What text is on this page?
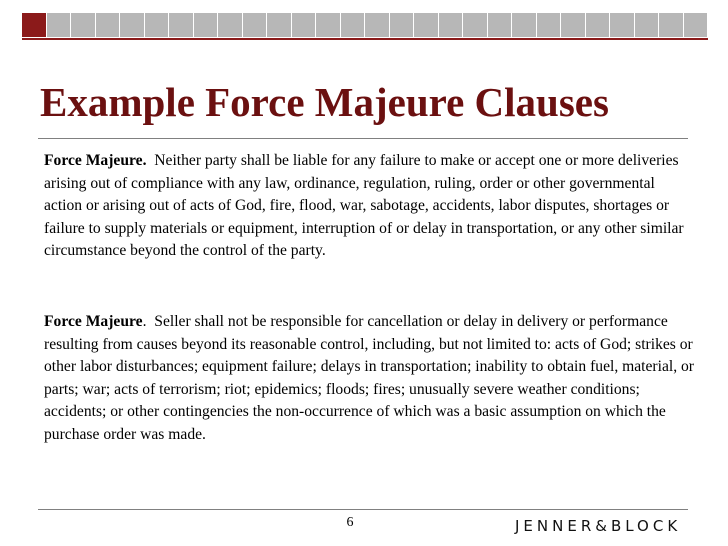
Example Force Majeure Clauses

Force Majeure.  Neither party shall be liable for any failure to make or accept one or more deliveries arising out of compliance with any law, ordinance, regulation, ruling, order or other governmental action or arising out of acts of God, fire, flood, war, sabotage, accidents, labor disputes, shortages or failure to supply materials or equipment, interruption of or delay in transportation, or any other similar circumstance beyond the control of the party.

Force Majeure.  Seller shall not be responsible for cancellation or delay in delivery or performance resulting from causes beyond its reasonable control, including, but not limited to: acts of God; strikes or other labor disturbances; equipment failure; delays in transportation; inability to obtain fuel, material, or parts; war; acts of terrorism; riot; epidemics; floods; fires; unusually severe weather conditions; accidents; or other contingencies the non-occurrence of which was a basic assumption on which the purchase order was made.

6	JENNER&BLOCK
